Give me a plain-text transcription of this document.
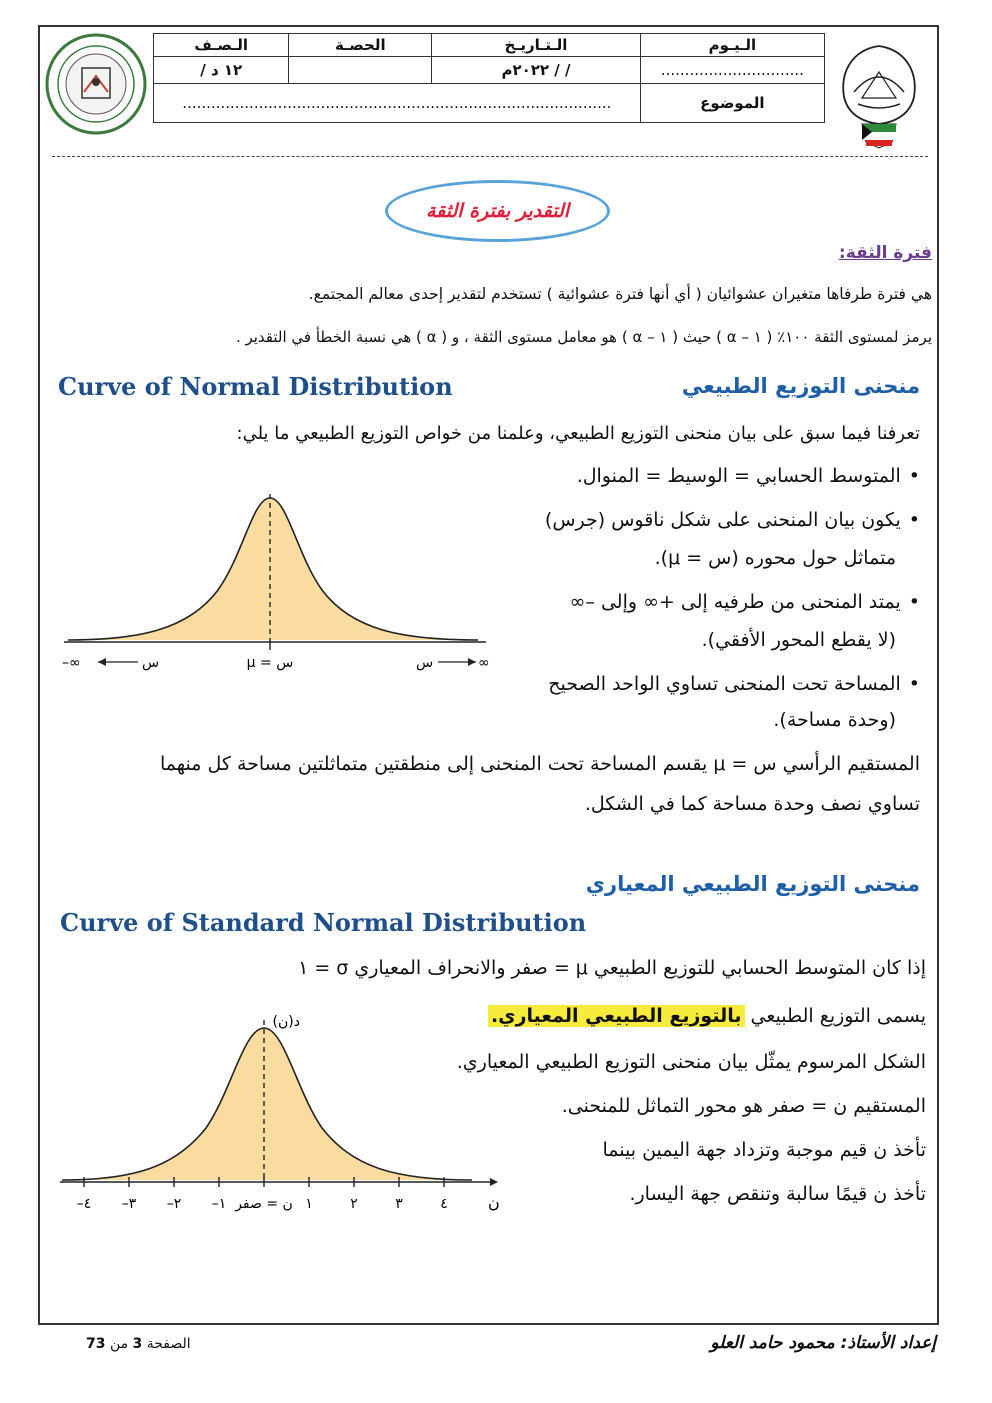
الـيـوم	الـتـاريـخ	الحصـة	الـصـف
..............................	/ / ٢٠٢٢م		١٢ د /
الموضوع	..........................................................................................		
التقدير بفترة الثقة
فترة الثقة:
هي فترة طرفاها متغيران عشوائيان ( أي أنها فترة عشوائية ) تستخدم لتقدير إحدى معالم المجتمع.
يرمز لمستوى الثقة ١٠٠٪ ( ١ – α ) حيث ( ١ – α ) هو معامل مستوى الثقة ، و ( α ) هي نسبة الخطأ في التقدير .
Curve of Normal Distribution	منحنى التوزيع الطبيعي
تعرفنا فيما سبق على بيان منحنى التوزيع الطبيعي، وعلمنا من خواص التوزيع الطبيعي ما يلي:
• المتوسط الحسابي = الوسيط = المنوال.
• يكون بيان المنحنى على شكل ناقوس (جرس)
متماثل حول محوره (س = μ).
• يمتد المنحنى من طرفيه إلى +∞ وإلى –∞
(لا يقطع المحور الأفقي).
• المساحة تحت المنحنى تساوي الواحد الصحيح
(وحدة مساحة).
المستقيم الرأسي س = μ يقسم المساحة تحت المنحنى إلى منطقتين متماثلتين مساحة كل منهما
تساوي نصف وحدة مساحة كما في الشكل.
–∞	س	س = μ	س	∞
منحنى التوزيع الطبيعي المعياري
Curve of Standard Normal Distribution
إذا كان المتوسط الحسابي للتوزيع الطبيعي μ = صفر والانحراف المعياري σ = ١
يسمى التوزيع الطبيعي بالتوزيع الطبيعي المعياري.
الشكل المرسوم يمثّل بيان منحنى التوزيع الطبيعي المعياري.
المستقيم ن = صفر هو محور التماثل للمنحنى.
تأخذ ن قيم موجبة وتزداد جهة اليمين بينما
تأخذ ن قيمًا سالبة وتنقص جهة اليسار.
د(ن)
ن
٤– ٣– ٢– ١– ن = صفر ١	٢	٣	٤
إعداد الأستاذ: محمود حامد العلو
الصفحة 3 من 73
